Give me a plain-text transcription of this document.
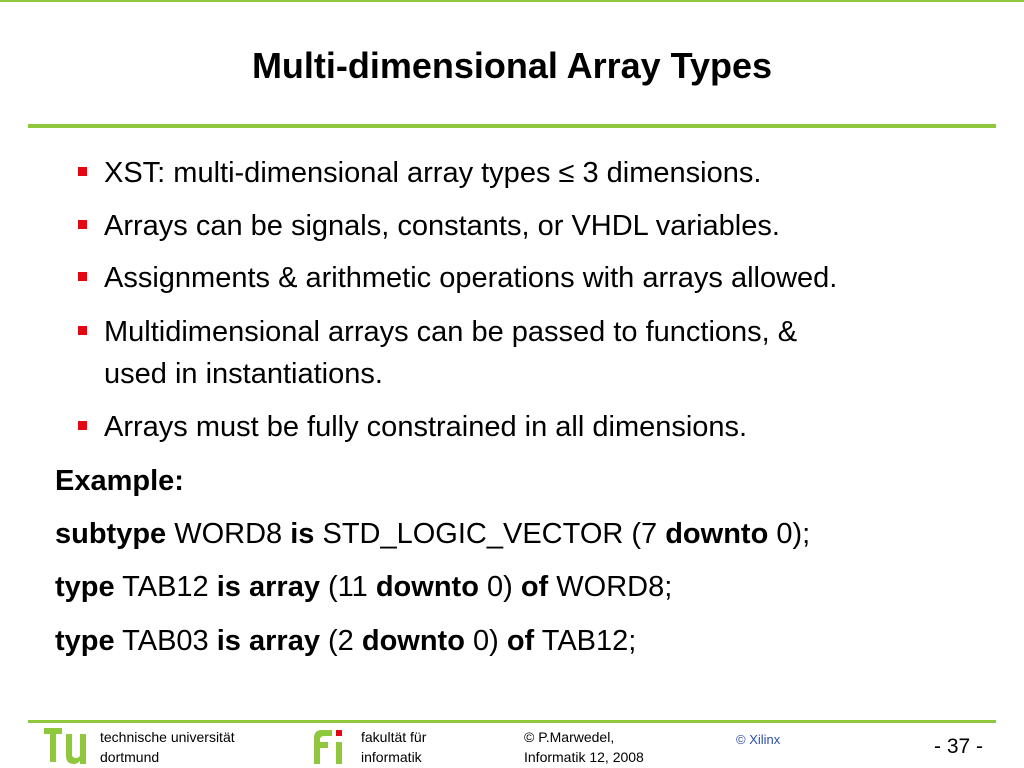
Multi-dimensional Array Types
XST: multi-dimensional array types ≤ 3 dimensions.
Arrays can be signals, constants, or VHDL variables.
Assignments & arithmetic operations with arrays allowed.
Multidimensional arrays can be passed to functions, &
used in instantiations.
Arrays must be fully constrained in all dimensions.
Example:
subtype WORD8 is STD_LOGIC_VECTOR (7 downto 0);
type TAB12 is array (11 downto 0) of WORD8;
type TAB03 is array (2 downto 0) of TAB12;
technische universität
dortmund
fakultät für
informatik
© P.Marwedel,
Informatik 12, 2008
© Xilinx	- 37 -
